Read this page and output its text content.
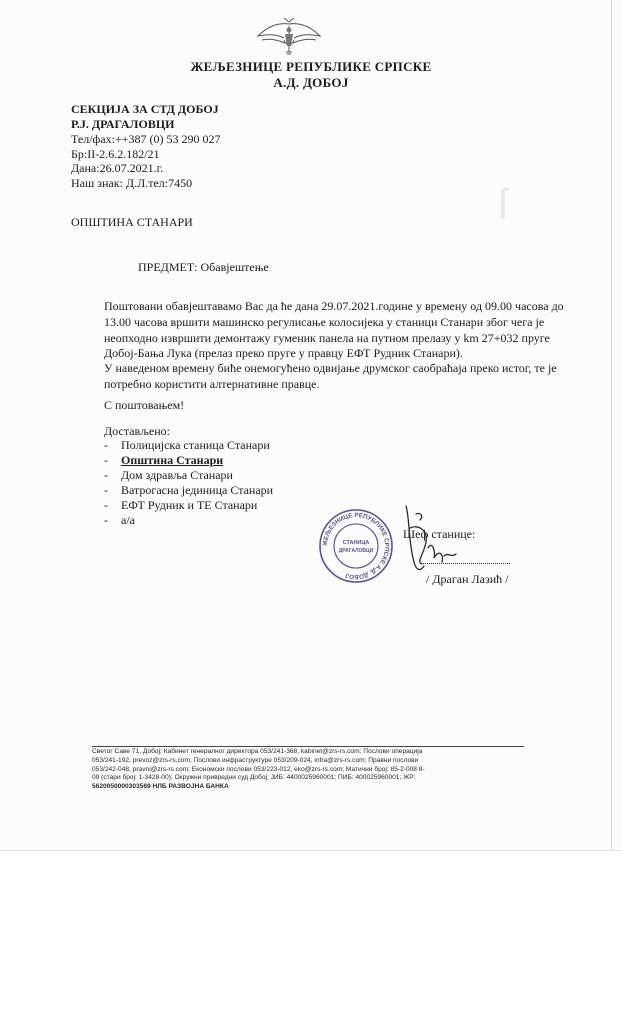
ſ
ЖЕЉЕЗНИЦЕ РЕПУБЛИКЕ СРПСКЕ
А.Д. ДОБОЈ
СЕКЦИЈА ЗА СТД ДОБОЈ
Р.Ј. ДРАГАЛОВЦИ
Тел/фах:++387 (0) 53 290 027
Бр:II-2.6.2.182/21
Дана:26.07.2021.г.
Наш знак: Д.Л.тел:7450
ОПШТИНА СТАНАРИ
ПРЕДМЕТ: Обавјештење
Поштовани обавјештавамо Вас да ће дана 29.07.2021.године у времену од 09.00 часова до
13.00 часова вршити машинско регулисање колосијека у станици Станари због чега је
неопходно извршити демонтажу гуменик панела на путном прелазу у km 27+032 пруге
Добој-Бања Лука (прелаз преко пруге у правцу ЕФТ Рудник Станари).
У наведеном времену биће онемогућено одвијање друмског саобраћаја преко истог, те је
потребно користити алтернативне правце.
С поштовањем!
Достављено:
- Полицијска станица Станари
- Општина Станари
- Дом здравља Станари
- Ватрогасна јединица Станари
- ЕФТ Рудник и ТЕ Станари
- а/а
ЖЕЉЕЗНИЦЕ РЕПУБЛИКЕ СРПСКЕ А.Д. ДОБОЈ
СТАНИЦА
ДРАГАЛОВЦИ
Шеф станице:
/ Драган Лазић /
Светог Саве 71, Добој; Кабинет генералног директора 053/241-368, kabinet@zrs-rs.com; Послови операција
053/241-192, prevoz@zrs-rs.com; Послови инфраструктуре 053/209-024, infra@zrs-rs.com; Правни послови
053/242-048, pravni@zrs-rs.com; Економски послови 053/223-012, eko@zrs-rs.com; Матични број: 85-2-008 8-
09 (стари број: 1-3428-00); Окружни привредни суд Добој; ЈИБ: 4400025960001; ПИБ: 400025960001; ЖР:
5620050000303569 НЛБ РАЗВОЈНА БАНКА
